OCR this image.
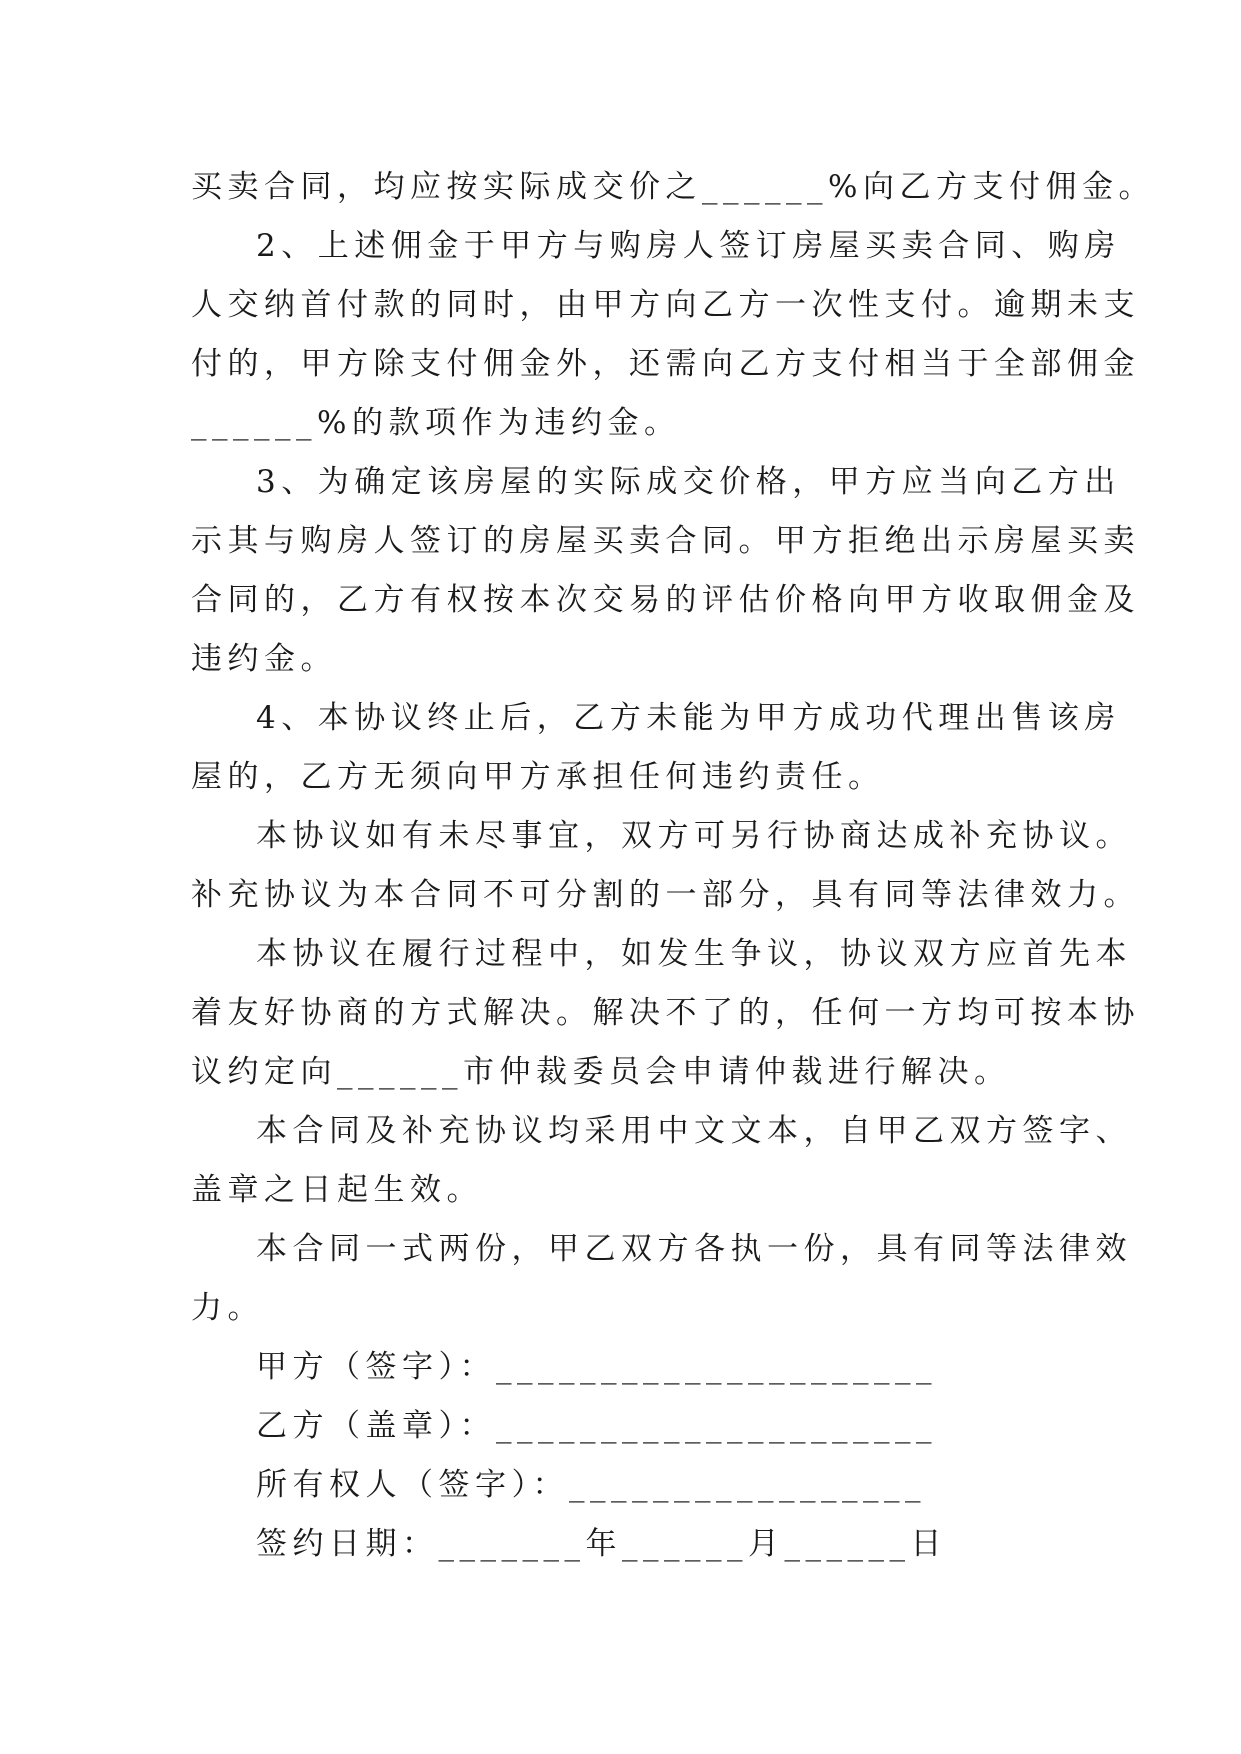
买卖合同，均应按实际成交价之______%向乙方支付佣金。
2、上述佣金于甲方与购房人签订房屋买卖合同、购房
人交纳首付款的同时，由甲方向乙方一次性支付。逾期未支
付的，甲方除支付佣金外，还需向乙方支付相当于全部佣金
______%的款项作为违约金。
3、为确定该房屋的实际成交价格，甲方应当向乙方出
示其与购房人签订的房屋买卖合同。甲方拒绝出示房屋买卖
合同的，乙方有权按本次交易的评估价格向甲方收取佣金及
违约金。
4、本协议终止后，乙方未能为甲方成功代理出售该房
屋的，乙方无须向甲方承担任何违约责任。
本协议如有未尽事宜，双方可另行协商达成补充协议。
补充协议为本合同不可分割的一部分，具有同等法律效力。
本协议在履行过程中，如发生争议，协议双方应首先本
着友好协商的方式解决。解决不了的，任何一方均可按本协
议约定向______市仲裁委员会申请仲裁进行解决。
本合同及补充协议均采用中文文本，自甲乙双方签字、
盖章之日起生效。
本合同一式两份，甲乙双方各执一份，具有同等法律效
力。
甲方（签字）：_____________________
乙方（盖章）：_____________________
所有权人（签字）：_________________
签约日期：_______年______月______日
